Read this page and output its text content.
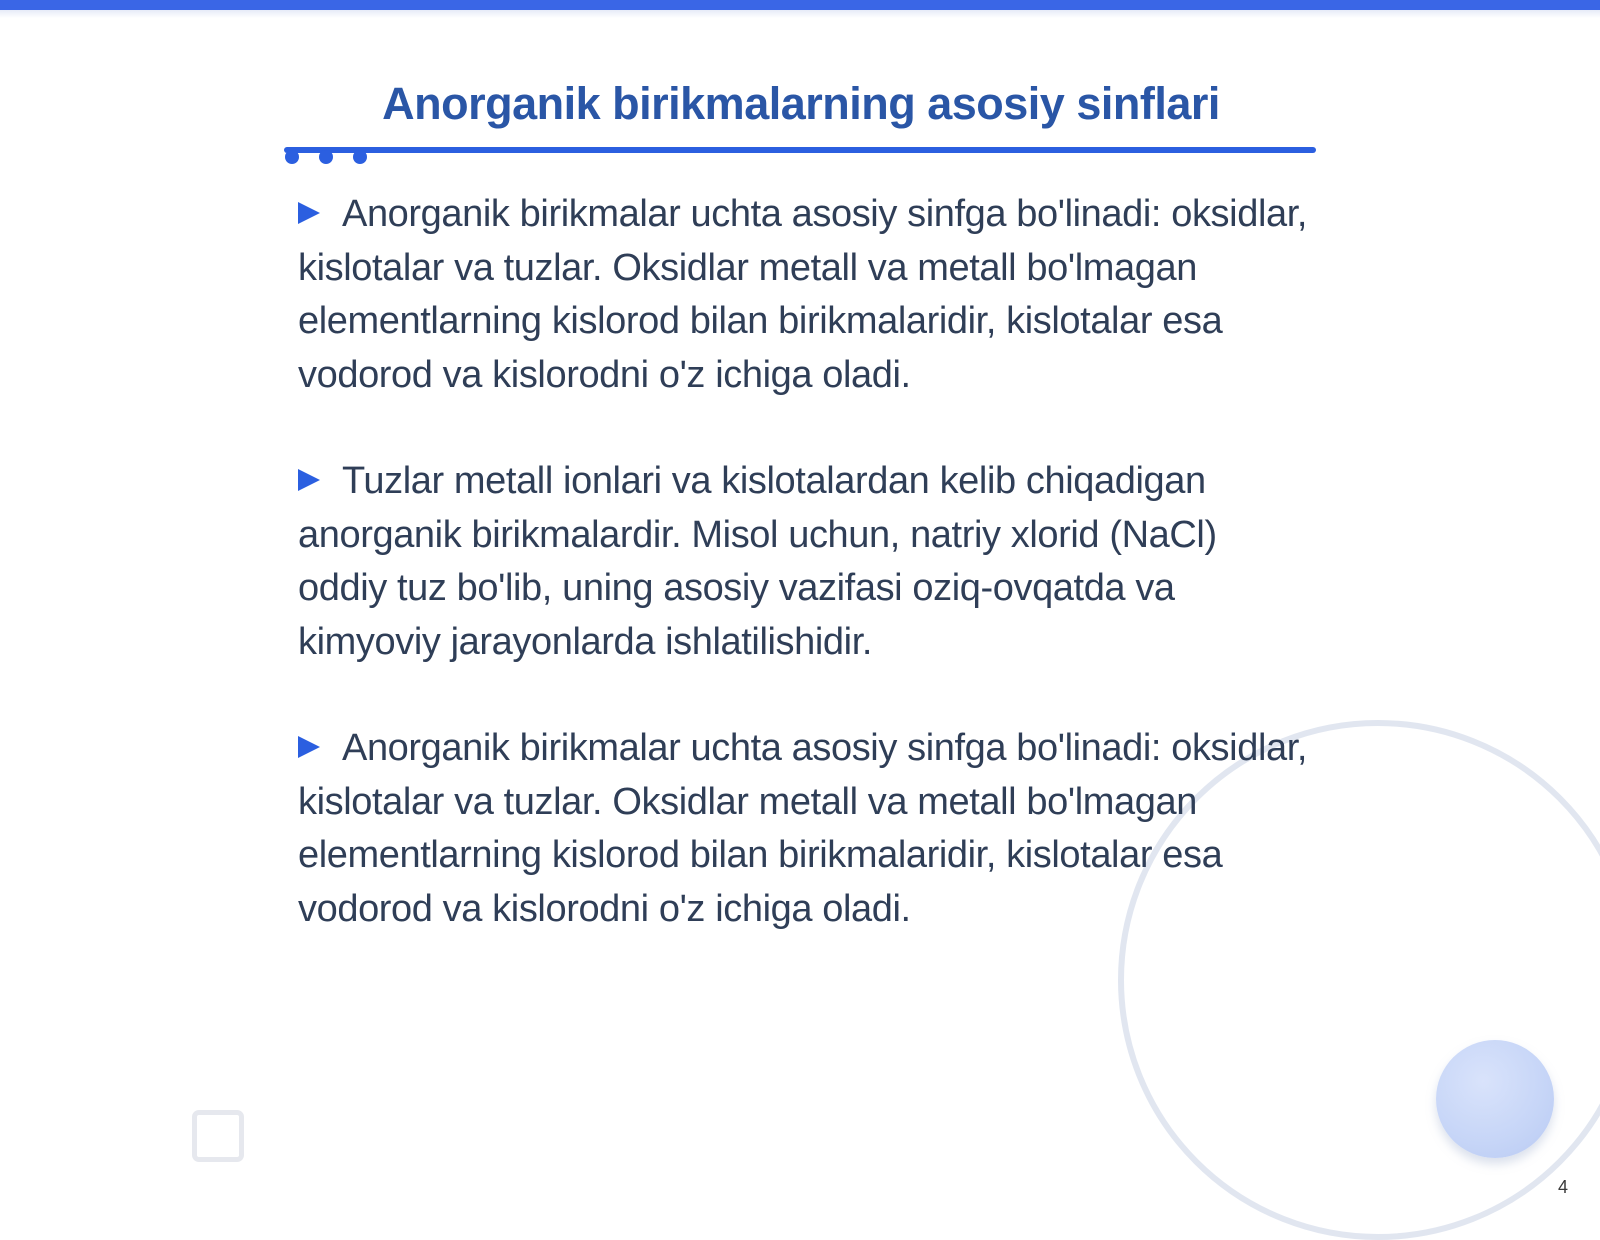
Anorganik birikmalarning asosiy sinflari

Anorganik birikmalar uchta asosiy sinfga bo'linadi: oksidlar, kislotalar va tuzlar. Oksidlar metall va metall bo'lmagan elementlarning kislorod bilan birikmalaridir, kislotalar esa vodorod va kislorodni o'z ichiga oladi.

Tuzlar metall ionlari va kislotalardan kelib chiqadigan anorganik birikmalardir. Misol uchun, natriy xlorid (NaCl) oddiy tuz bo'lib, uning asosiy vazifasi oziq-ovqatda va kimyoviy jarayonlarda ishlatilishidir.

Anorganik birikmalar uchta asosiy sinfga bo'linadi: oksidlar, kislotalar va tuzlar. Oksidlar metall va metall bo'lmagan elementlarning kislorod bilan birikmalaridir, kislotalar esa vodorod va kislorodni o'z ichiga oladi.

4
